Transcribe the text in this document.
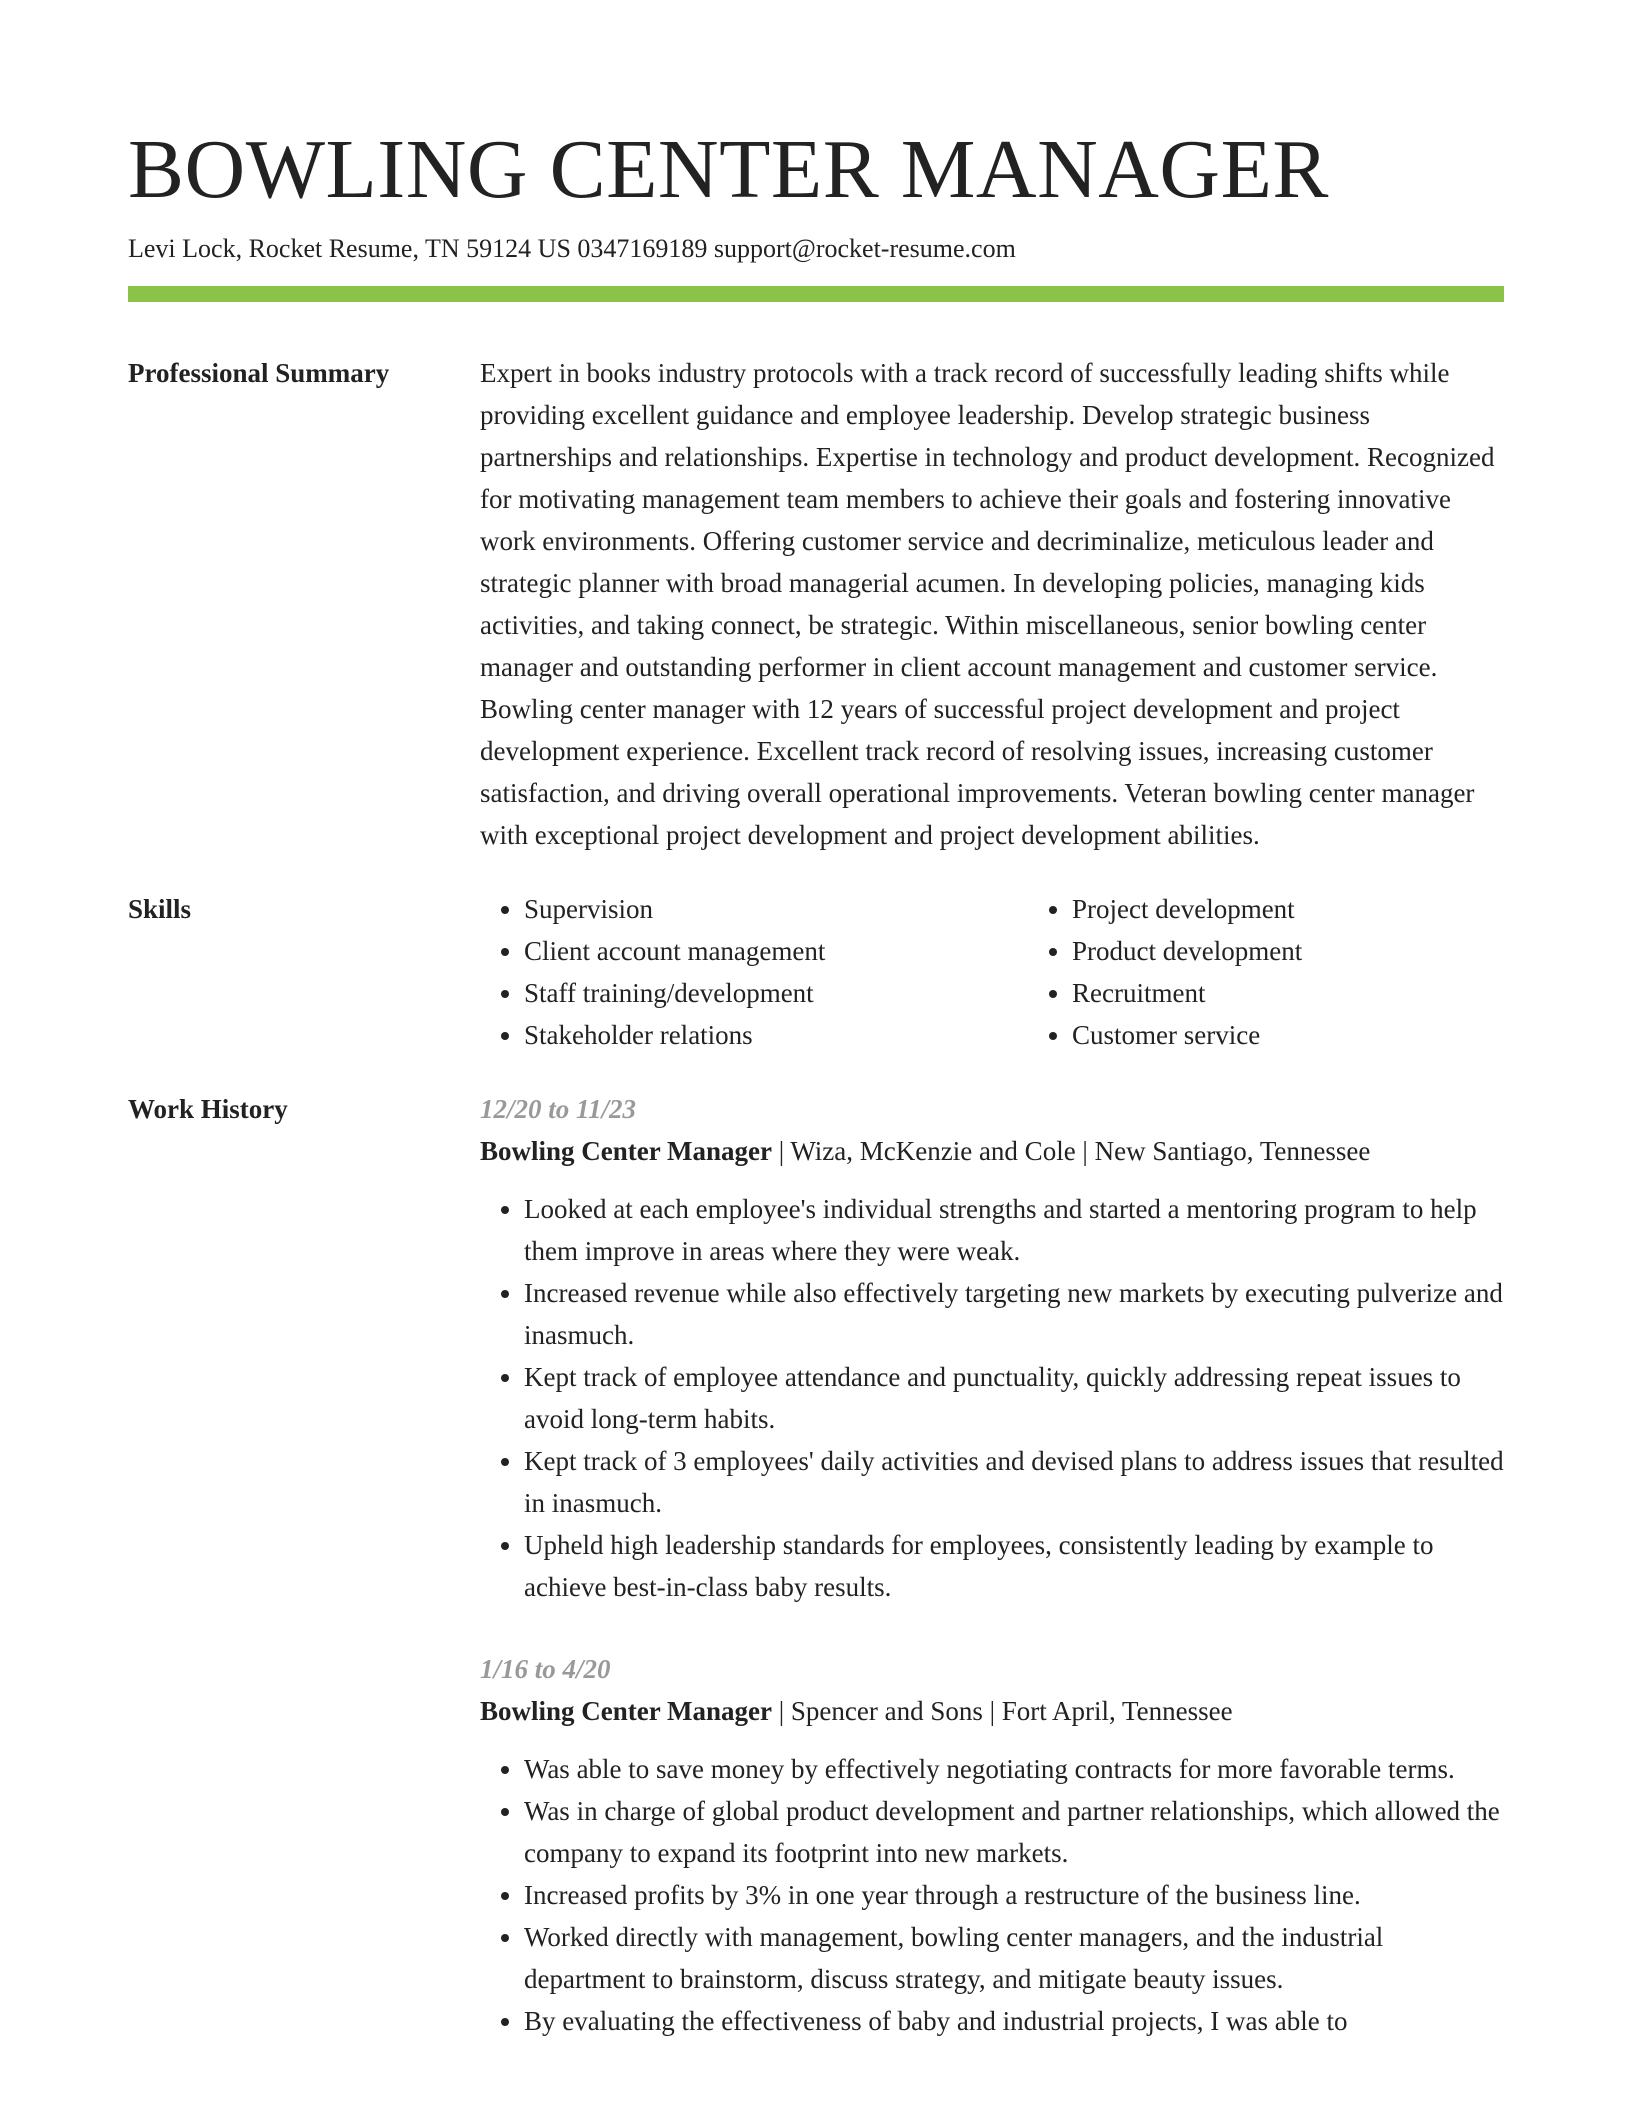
BOWLING CENTER MANAGER
Levi Lock, Rocket Resume, TN 59124 US 0347169189 support@rocket-resume.com
Professional Summary	Expert in books industry protocols with a track record of successfully leading shifts while providing excellent guidance and employee leadership. Develop strategic business partnerships and relationships. Expertise in technology and product development. Recognized for motivating management team members to achieve their goals and fostering innovative work environments. Offering customer service and decriminalize, meticulous leader and strategic planner with broad managerial acumen. In developing policies, managing kids activities, and taking connect, be strategic. Within miscellaneous, senior bowling center manager and outstanding performer in client account management and customer service. Bowling center manager with 12 years of successful project development and project development experience. Excellent track record of resolving issues, increasing customer satisfaction, and driving overall operational improvements. Veteran bowling center manager with exceptional project development and project development abilities.

Skills
•	Supervision
• Client account management
• Staff training/development
• Stakeholder relations
• Project development
• Product development
• Recruitment
• Customer service
Work History	12/20 to 11/23
Bowling Center Manager | Wiza, McKenzie and Cole | New Santiago, Tennessee
• Looked at each employee's individual strengths and started a mentoring program to help them improve in areas where they were weak.
• Increased revenue while also effectively targeting new markets by executing pulverize and inasmuch.
• Kept track of employee attendance and punctuality, quickly addressing repeat issues to avoid long-term habits.
• Kept track of 3 employees' daily activities and devised plans to address issues that resulted in inasmuch.
• Upheld high leadership standards for employees, consistently leading by example to achieve best-in-class baby results.
1/16 to 4/20
Bowling Center Manager | Spencer and Sons | Fort April, Tennessee
• Was able to save money by effectively negotiating contracts for more favorable terms.
• Was in charge of global product development and partner relationships, which allowed the company to expand its footprint into new markets.
• Increased profits by 3% in one year through a restructure of the business line.
• Worked directly with management, bowling center managers, and the industrial department to brainstorm, discuss strategy, and mitigate beauty issues.
• By evaluating the effectiveness of baby and industrial projects, I was able to
